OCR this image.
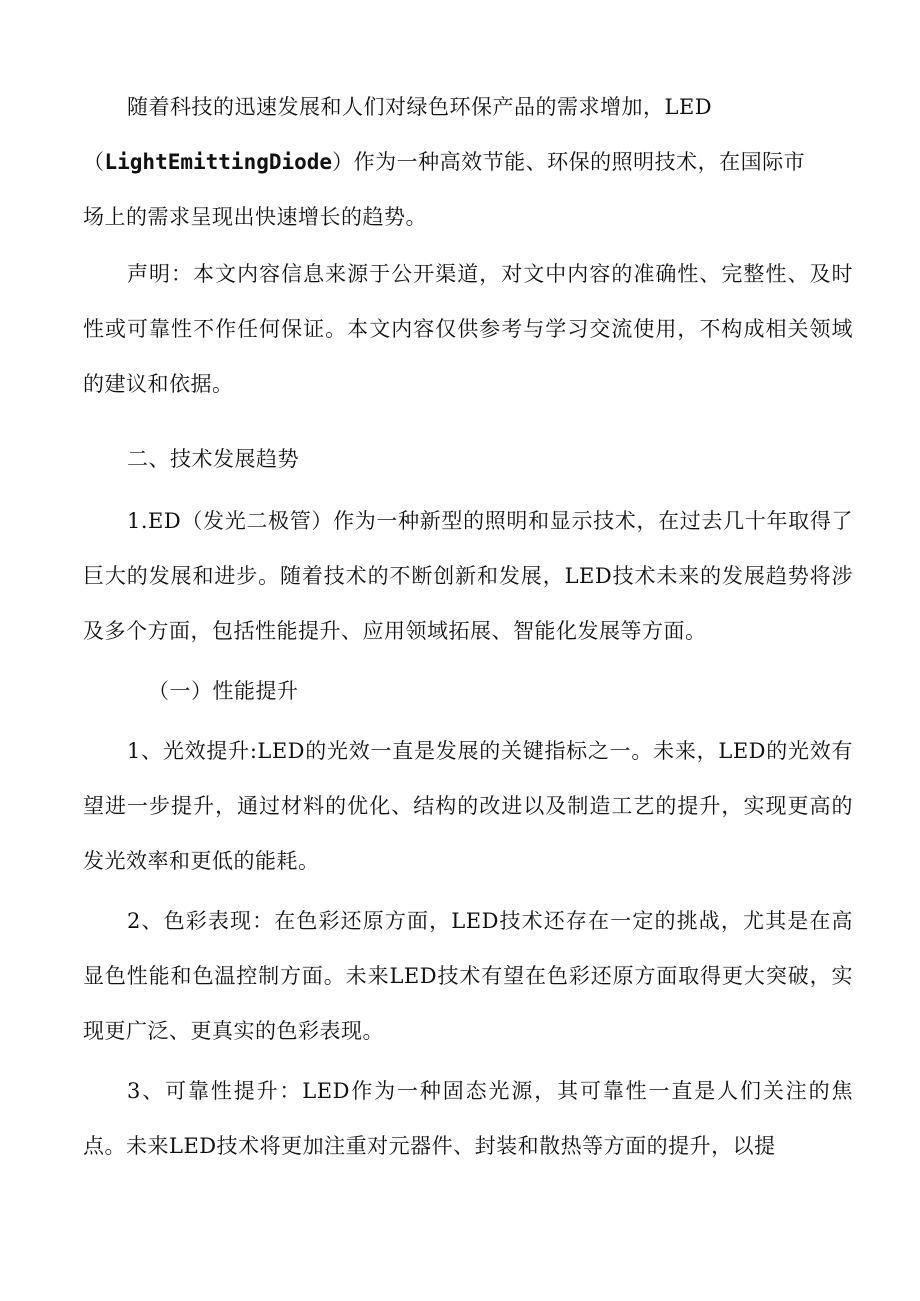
随着科技的迅速发展和人们对绿色环保产品的需求增加，LED
（LightEmittingDiode）作为一种高效节能、环保的照明技术，在国际市
场上的需求呈现出快速增长的趋势。

声明：本文内容信息来源于公开渠道，对文中内容的准确性、完整性、及时性或可靠性不作任何保证。本文内容仅供参考与学习交流使用，不构成相关领域的建议和依据。

二、技术发展趋势

1.ED（发光二极管）作为一种新型的照明和显示技术，在过去几十年取得了巨大的发展和进步。随着技术的不断创新和发展，LED技术未来的发展趋势将涉及多个方面，包括性能提升、应用领域拓展、智能化发展等方面。

（一）性能提升

1、光效提升:LED的光效一直是发展的关键指标之一。未来，LED的光效有望进一步提升，通过材料的优化、结构的改进以及制造工艺的提升，实现更高的发光效率和更低的能耗。

2、色彩表现：在色彩还原方面，LED技术还存在一定的挑战，尤其是在高显色性能和色温控制方面。未来LED技术有望在色彩还原方面取得更大突破，实现更广泛、更真实的色彩表现。

3、可靠性提升：LED作为一种固态光源，其可靠性一直是人们关注的焦点。未来LED技术将更加注重对元器件、封装和散热等方面的提升，以提
